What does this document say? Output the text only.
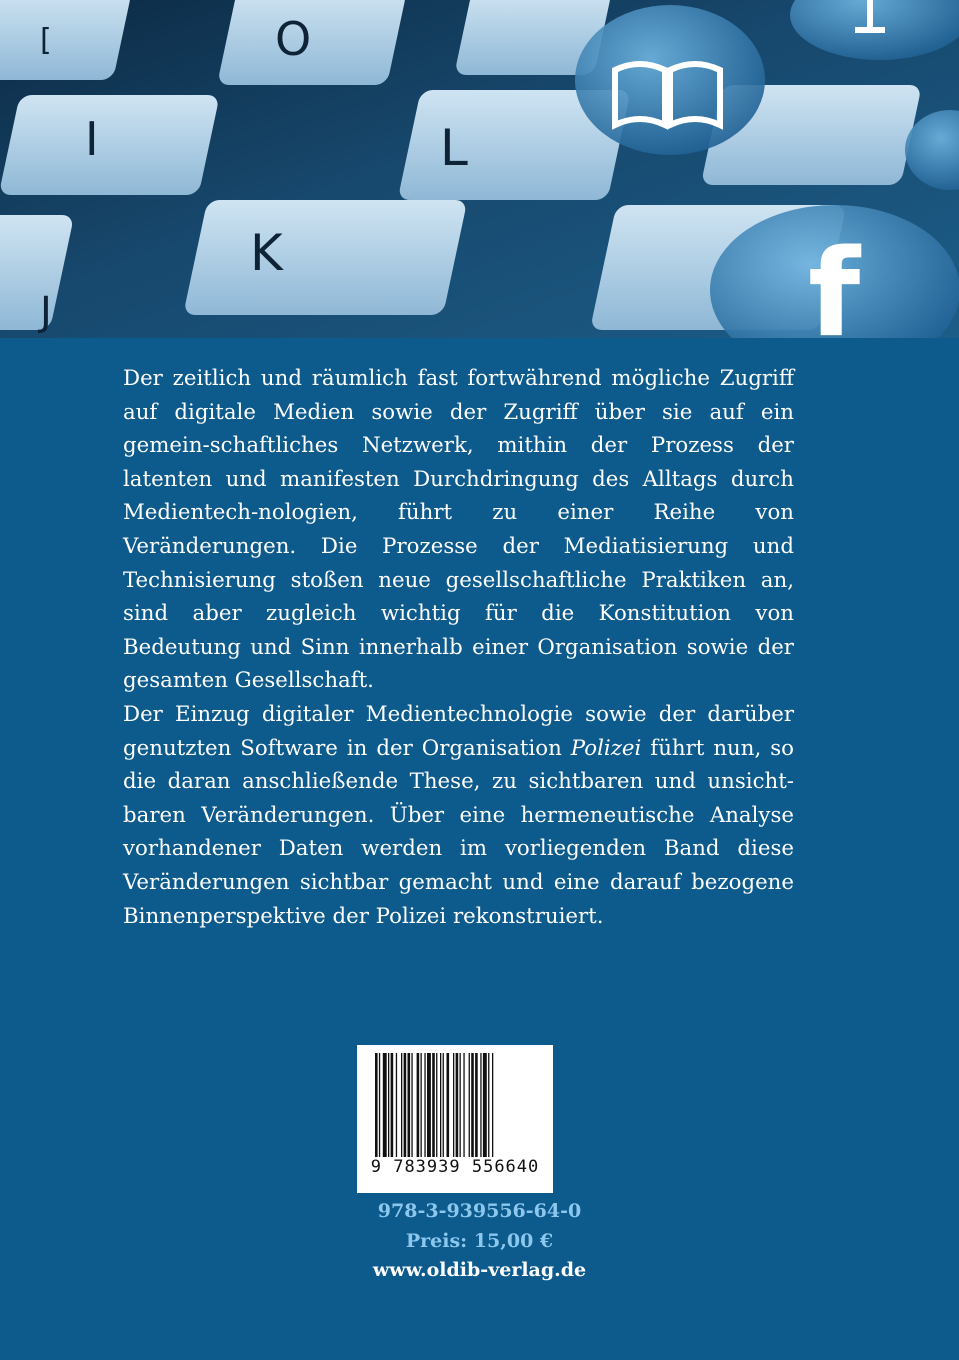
[	O
I	L
K
J	f

Der zeitlich und räumlich fast fortwährend mögliche Zugriff auf digitale Medien sowie der Zugriff über sie auf ein gemein-schaftliches Netzwerk, mithin der Prozess der latenten und manifesten Durchdringung des Alltags durch Medientech-nologien, führt zu einer Reihe von Veränderungen. Die Prozesse der Mediatisierung und Technisierung stoßen neue gesellschaftliche Praktiken an, sind aber zugleich wichtig für die Konstitution von Bedeutung und Sinn innerhalb einer Organisation sowie der gesamten Gesellschaft.

Der Einzug digitaler Medientechnologie sowie der darüber genutzten Software in der Organisation Polizei führt nun, so die daran anschließende These, zu sichtbaren und unsicht-baren Veränderungen. Über eine hermeneutische Analyse vorhandener Daten werden im vorliegenden Band diese Veränderungen sichtbar gemacht und eine darauf bezogene Binnenperspektive der Polizei rekonstruiert.

9 783939 556640
978-3-939556-64-0
Preis: 15,00 €
www.oldib-verlag.de
